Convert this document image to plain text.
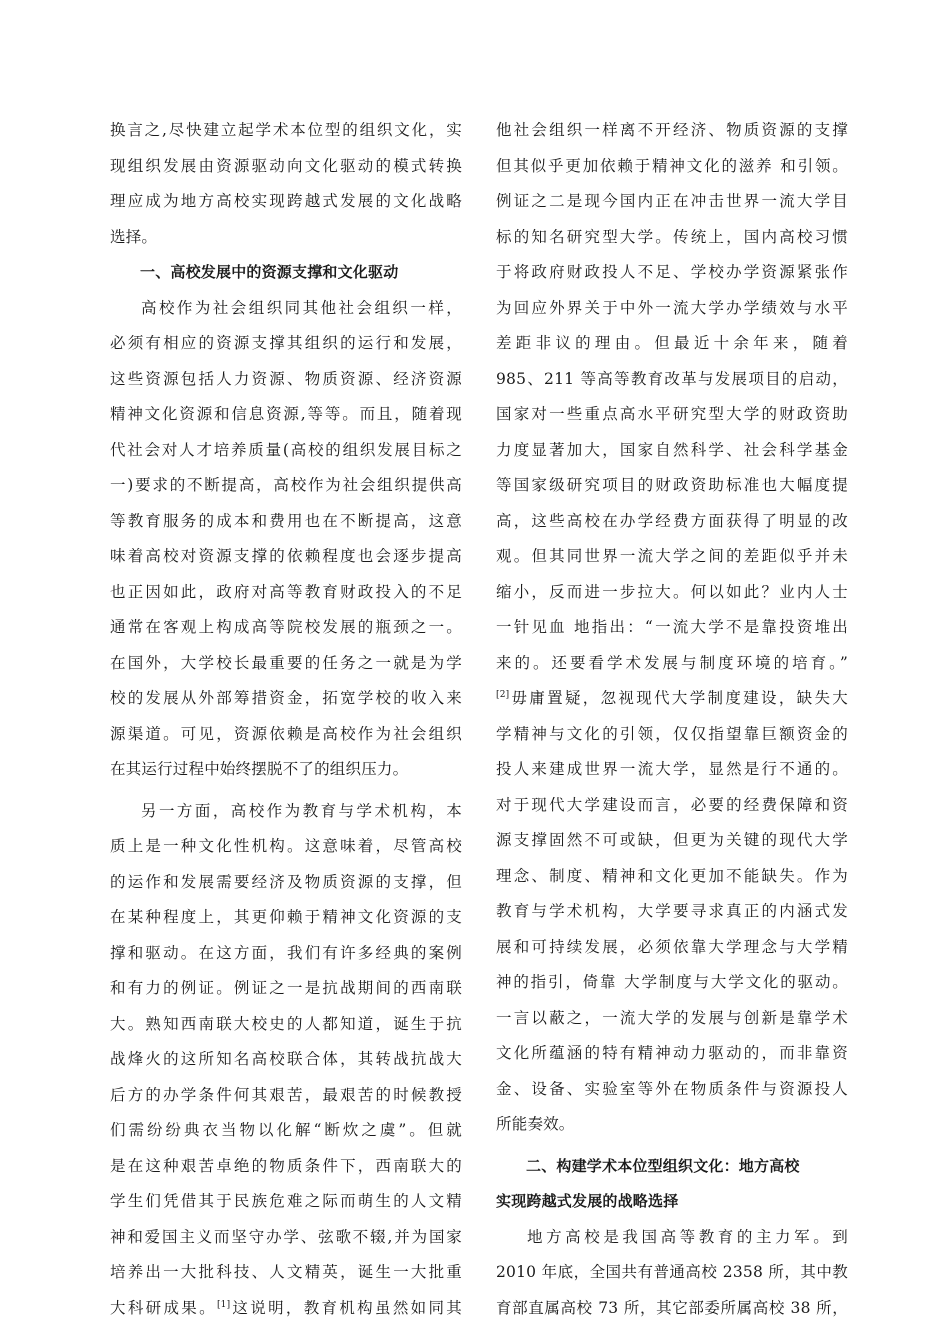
换言之,尽快建立起学术本位型的组织文化，实
现组织发展由资源驱动向文化驱动的模式转换
理应成为地方高校实现跨越式发展的文化战略
选择。
一、高校发展中的资源支撑和文化驱动
高校作为社会组织同其他社会组织一样，
必须有相应的资源支撑其组织的运行和发展，
这些资源包括人力资源、物质资源、经济资源
精神文化资源和信息资源,等等。而且，随着现
代社会对人才培养质量(高校的组织发展目标之
一)要求的不断提高，高校作为社会组织提供高
等教育服务的成本和费用也在不断提高，这意
味着高校对资源支撑的依赖程度也会逐步提高
也正因如此，政府对高等教育财政投入的不足
通常在客观上构成高等院校发展的瓶颈之一。
在国外，大学校长最重要的任务之一就是为学
校的发展从外部筹措资金，拓宽学校的收入来
源渠道。可见，资源依赖是高校作为社会组织
在其运行过程中始终摆脱不了的组织压力。
另一方面，高校作为教育与学术机构，本
质上是一种文化性机构。这意味着，尽管高校
的运作和发展需要经济及物质资源的支撑，但
在某种程度上，其更仰赖于精神文化资源的支
撑和驱动。在这方面，我们有许多经典的案例
和有力的例证。例证之一是抗战期间的西南联
大。熟知西南联大校史的人都知道，诞生于抗
战烽火的这所知名高校联合体，其转战抗战大
后方的办学条件何其艰苦，最艰苦的时候教授
们需纷纷典衣当物以化解“断炊之虞”。但就
是在这种艰苦卓绝的物质条件下，西南联大的
学生们凭借其于民族危难之际而萌生的人文精
神和爱国主义而坚守办学、弦歌不辍,并为国家
培养出一大批科技、人文精英，诞生一大批重
大科研成果。[1]这说明，教育机构虽然如同其
他社会组织一样离不开经济、物质资源的支撑
但其似乎更加依赖于精神文化的滋养 和引领。
例证之二是现今国内正在冲击世界一流大学目
标的知名研究型大学。传统上，国内高校习惯
于将政府财政投人不足、学校办学资源紧张作
为回应外界关于中外一流大学办学绩效与水平
差距非议的理由。但最近十余年来，随着
985、211 等高等教育改革与发展项目的启动，
国家对一些重点高水平研究型大学的财政资助
力度显著加大，国家自然科学、社会科学基金
等国家级研究项目的财政资助标准也大幅度提
高，这些高校在办学经费方面获得了明显的改
观。但其同世界一流大学之间的差距似乎并未
缩小，反而进一步拉大。何以如此？业内人士
一针见血 地指出：“一流大学不是靠投资堆出
来的。还要看学术发展与制度环境的培育。”
[2]毋庸置疑，忽视现代大学制度建设，缺失大
学精神与文化的引领，仅仅指望靠巨额资金的
投人来建成世界一流大学，显然是行不通的。
对于现代大学建设而言，必要的经费保障和资
源支撑固然不可或缺，但更为关键的现代大学
理念、制度、精神和文化更加不能缺失。作为
教育与学术机构，大学要寻求真正的内涵式发
展和可持续发展，必须依靠大学理念与大学精
神的指引，倚靠 大学制度与大学文化的驱动。
一言以蔽之，一流大学的发展与创新是靠学术
文化所蕴涵的特有精神动力驱动的，而非靠资
金、设备、实验室等外在物质条件与资源投人
所能奏效。
二、构建学术本位型组织文化：地方高校
实现跨越式发展的战略选择
地方高校是我国高等教育的主力军。到
2010 年底，全国共有普通高校 2358 所，其中教
育部直属高校 73 所，其它部委所属高校 38 所，
